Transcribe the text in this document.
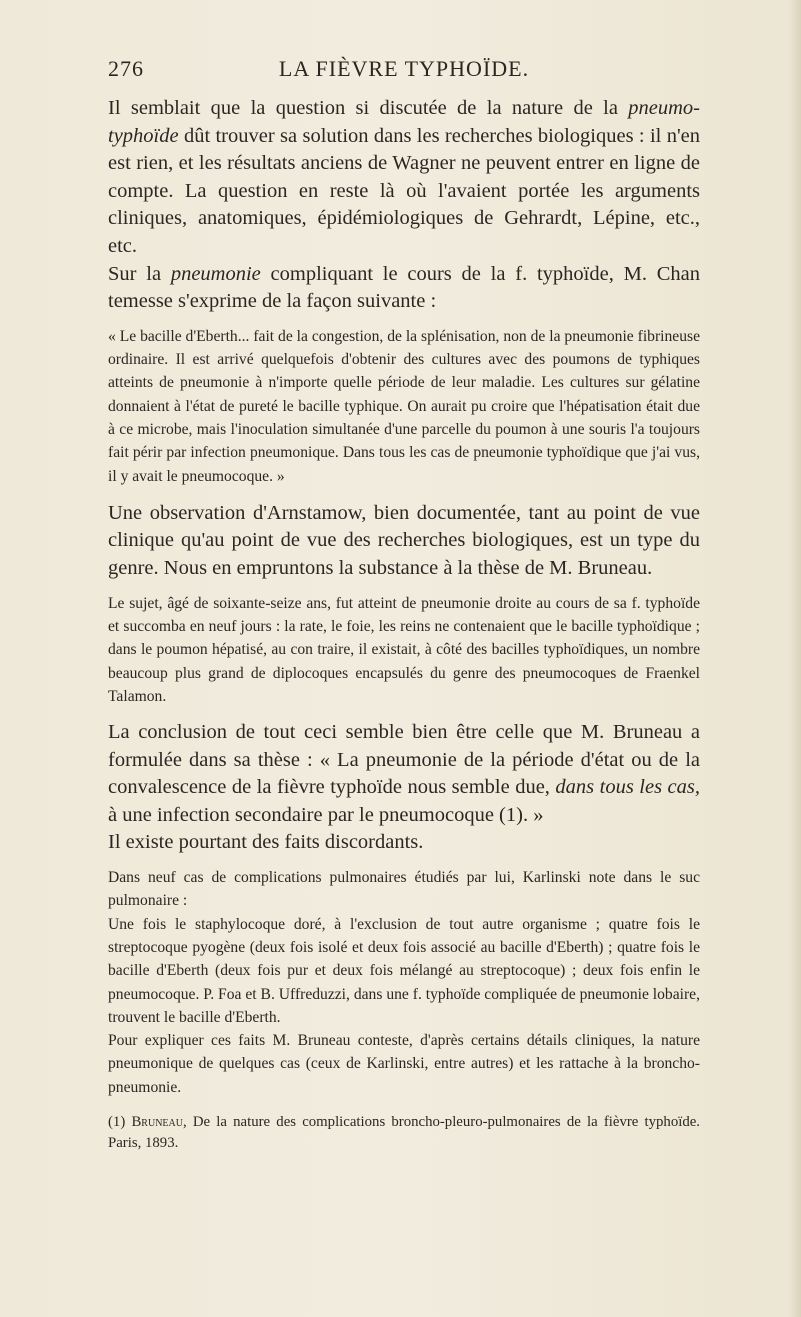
276	LA FIÈVRE TYPHOÏDE.

Il semblait que la question si discutée de la nature de la pneumotyphoïde dût trouver sa solution dans les recherches biologiques : il n'en est rien, et les résultats anciens de Wagner ne peuvent entrer en ligne de compte. La question en reste là où l'avaient portée les arguments cliniques, anatomiques, épidémiologiques de Gehrardt, Lépine, etc., etc.

Sur la pneumonie compliquant le cours de la f. typhoïde, M. Chan temesse s'exprime de la façon suivante :

« Le bacille d'Eberth... fait de la congestion, de la splénisation, non de la pneumonie fibrineuse ordinaire. Il est arrivé quelquefois d'obtenir des cultures avec des poumons de typhiques atteints de pneumonie à n'importe quelle période de leur maladie. Les cultures sur gélatine donnaient à l'état de pureté le bacille typhique. On aurait pu croire que l'hépatisation était due à ce microbe, mais l'inoculation simultanée d'une parcelle du poumon à une souris l'a toujours fait périr par infection pneumonique. Dans tous les cas de pneumonie typhoïdique que j'ai vus, il y avait le pneumocoque. »

Une observation d'Arnstamow, bien documentée, tant au point de vue clinique qu'au point de vue des recherches biologiques, est un type du genre. Nous en empruntons la substance à la thèse de M. Bruneau.

Le sujet, âgé de soixante-seize ans, fut atteint de pneumonie droite au cours de sa f. typhoïde et succomba en neuf jours : la rate, le foie, les reins ne contenaient que le bacille typhoïdique ; dans le poumon hépatisé, au con traire, il existait, à côté des bacilles typhoïdiques, un nombre beaucoup plus grand de diplocoques encapsulés du genre des pneumocoques de Fraenkel Talamon.

La conclusion de tout ceci semble bien être celle que M. Bruneau a formulée dans sa thèse : « La pneumonie de la période d'état ou de la convalescence de la fièvre typhoïde nous semble due, dans tous les cas, à une infection secondaire par le pneumocoque (1). »

Il existe pourtant des faits discordants.

Dans neuf cas de complications pulmonaires étudiés par lui, Karlinski note dans le suc pulmonaire :

Une fois le staphylocoque doré, à l'exclusion de tout autre organisme ; quatre fois le streptocoque pyogène (deux fois isolé et deux fois associé au bacille d'Eberth) ; quatre fois le bacille d'Eberth (deux fois pur et deux fois mélangé au streptocoque) ; deux fois enfin le pneumocoque. P. Foa et B. Uffreduzzi, dans une f. typhoïde compliquée de pneumonie lobaire, trouvent le bacille d'Eberth.

Pour expliquer ces faits M. Bruneau conteste, d'après certains détails cliniques, la nature pneumonique de quelques cas (ceux de Karlinski, entre autres) et les rattache à la broncho-pneumonie.

(1) Bruneau, De la nature des complications broncho-pleuro-pulmonaires de la fièvre typhoïde. Paris, 1893.
